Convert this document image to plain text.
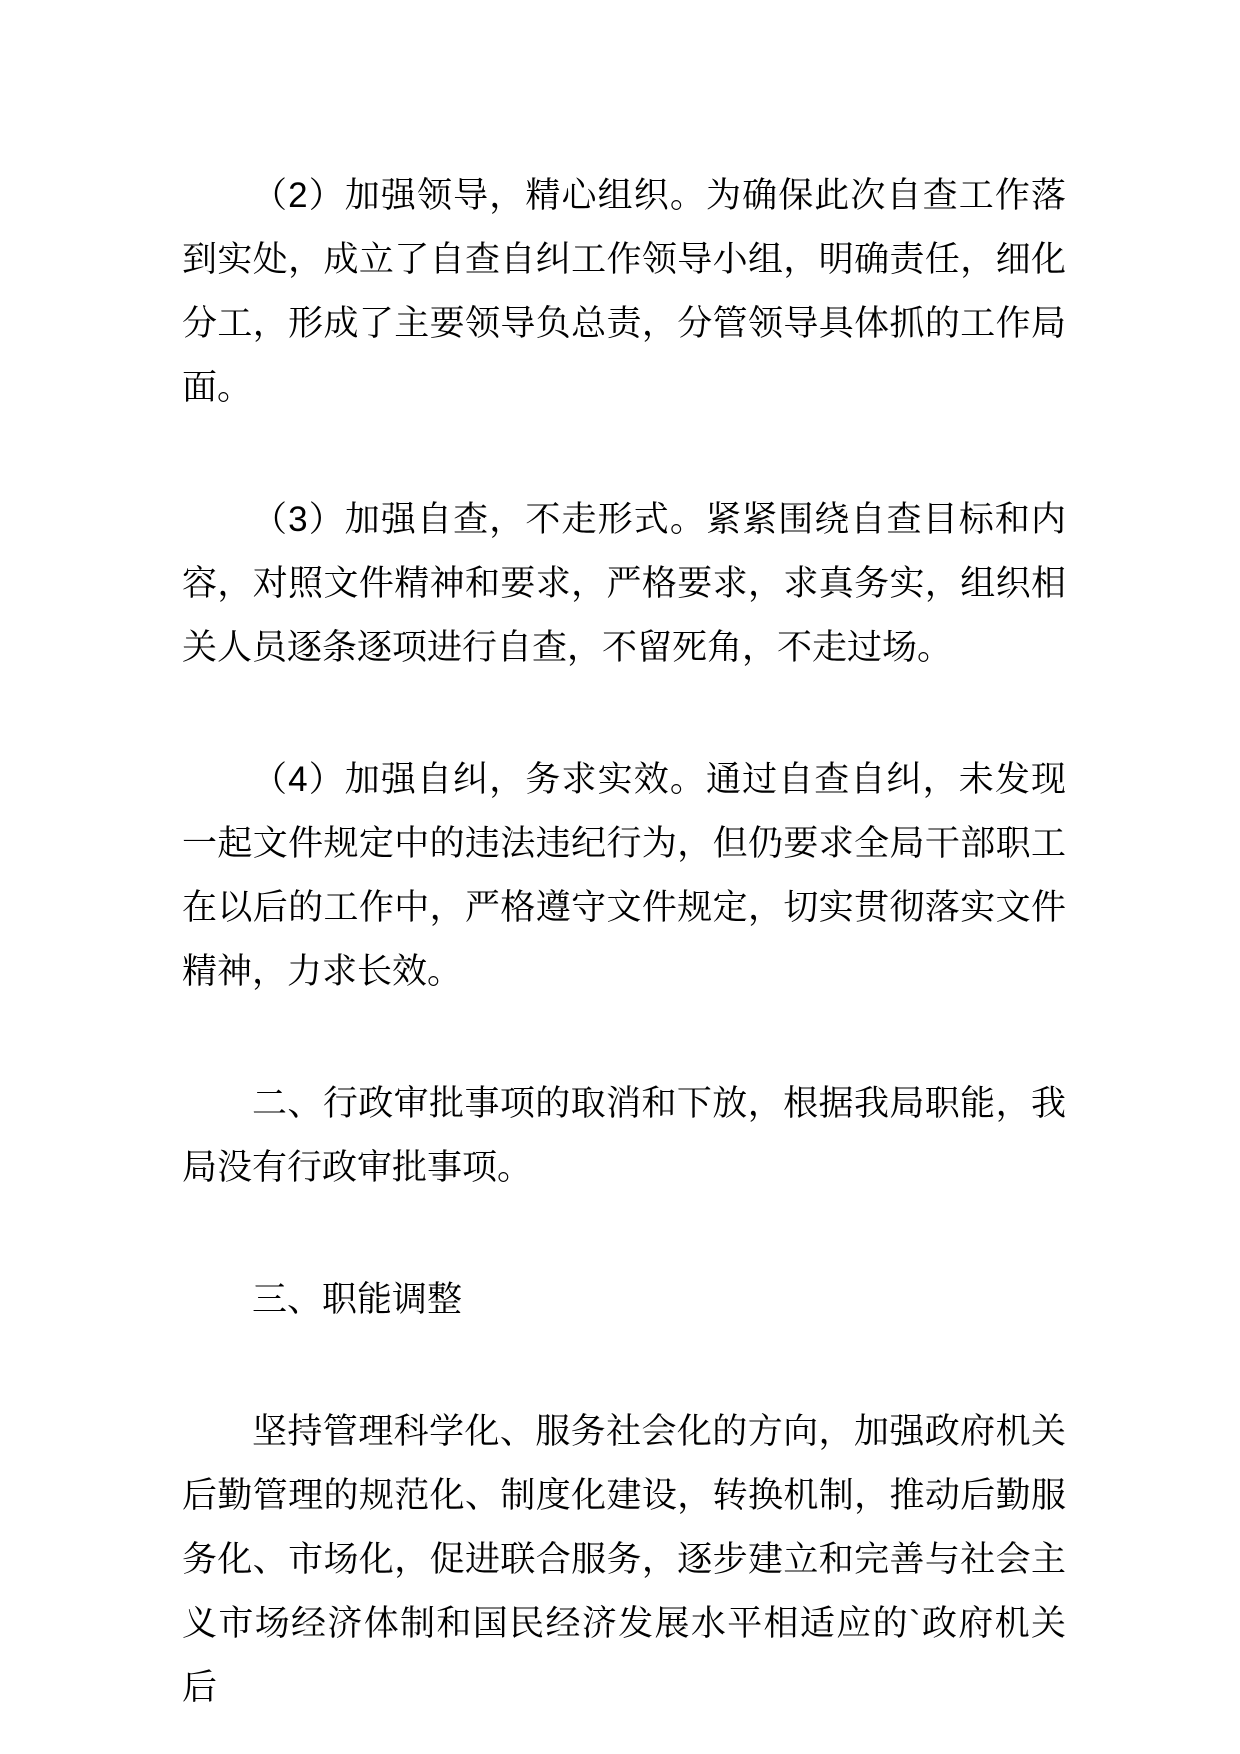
（2）加强领导，精心组织。为确保此次自查工作落到实处，成立了自查自纠工作领导小组，明确责任，细化分工，形成了主要领导负总责，分管领导具体抓的工作局面。

（3）加强自查，不走形式。紧紧围绕自查目标和内容，对照文件精神和要求，严格要求，求真务实，组织相关人员逐条逐项进行自查，不留死角，不走过场。

（4）加强自纠，务求实效。通过自查自纠，未发现一起文件规定中的违法违纪行为，但仍要求全局干部职工在以后的工作中，严格遵守文件规定，切实贯彻落实文件精神，力求长效。

二、行政审批事项的取消和下放，根据我局职能，我局没有行政审批事项。

三、职能调整

坚持管理科学化、服务社会化的方向，加强政府机关后勤管理的规范化、制度化建设，转换机制，推动后勤服务化、市场化，促进联合服务，逐步建立和完善与社会主义市场经济体制和国民经济发展水平相适应的`政府机关后
